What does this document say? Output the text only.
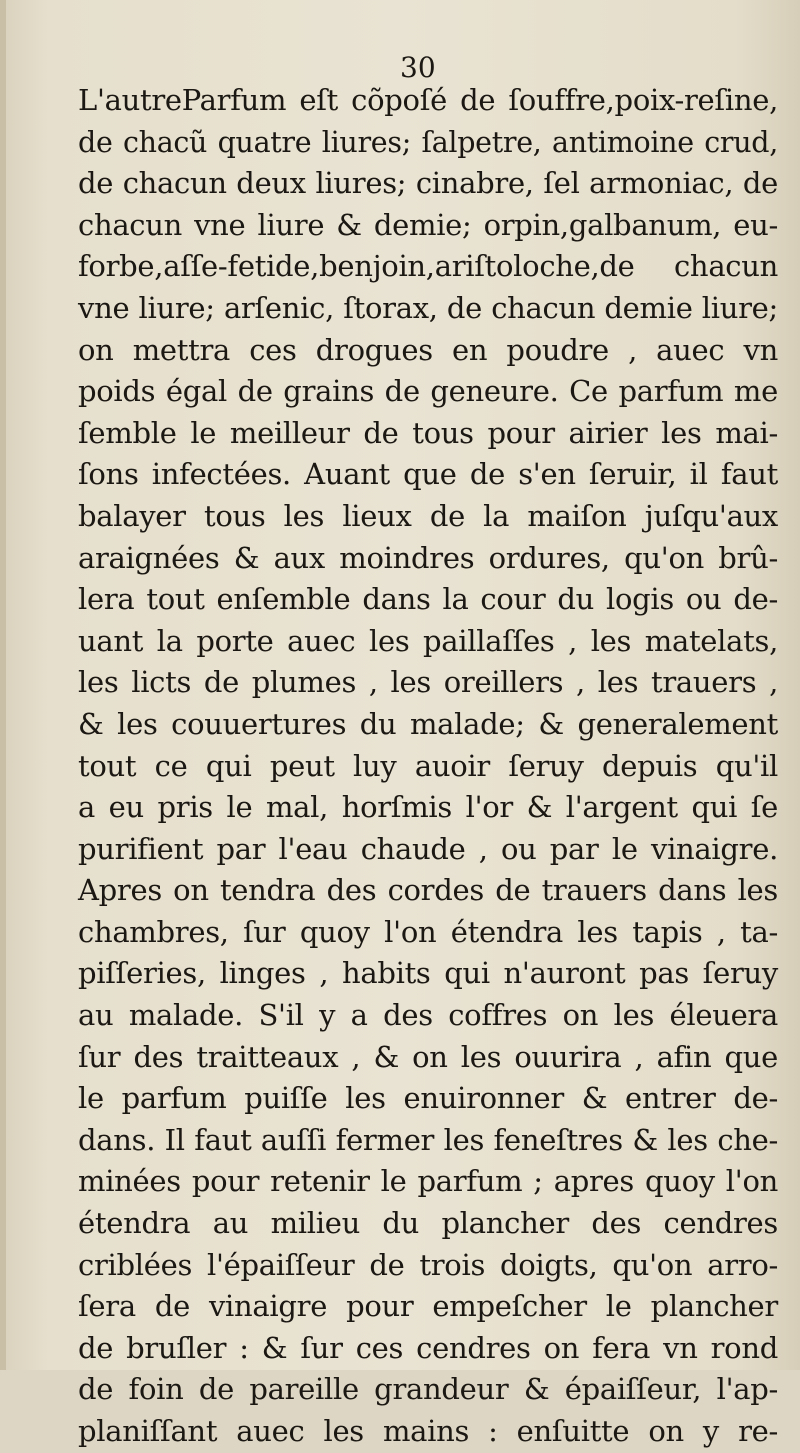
30
L'autreParfum eſt cõpoſé de ſouffre,poix-reſine,
de chacũ quatre liures; ſalpetre, antimoine crud,
de chacun deux liures; cinabre, ſel armoniac, de
chacun vne liure & demie; orpin,galbanum, eu-
forbe,aſſe-fetide,benjoin,ariſtoloche,de chacun
vne liure; arſenic, ſtorax, de chacun demie liure;
on mettra ces drogues en poudre , auec vn
poids égal de grains de geneure. Ce parfum me
ſemble le meilleur de tous pour airier les mai-
ſons infectées. Auant que de s'en ſeruir, il faut
balayer tous les lieux de la maiſon juſqu'aux
araignées & aux moindres ordures, qu'on brû-
lera tout enſemble dans la cour du logis ou de-
uant la porte auec les paillaſſes , les matelats,
les licts de plumes , les oreillers , les trauers ,
& les couuertures du malade; & generalement
tout ce qui peut luy auoir ſeruy depuis qu'il
a eu pris le mal, horſmis l'or & l'argent qui ſe
purifient par l'eau chaude , ou par le vinaigre.
Apres on tendra des cordes de trauers dans les
chambres, ſur quoy l'on étendra les tapis , ta-
piſſeries, linges , habits qui n'auront pas ſeruy
au malade. S'il y a des coffres on les éleuera
ſur des traitteaux , & on les ouurira , afin que
le parfum puiſſe les enuironner & entrer de-
dans. Il faut auſſi fermer les feneſtres & les che-
minées pour retenir le parfum ; apres quoy l'on
étendra au milieu du plancher des cendres
criblées l'épaiſſeur de trois doigts, qu'on arro-
ſera de vinaigre pour empeſcher le plancher
de bruſler : & ſur ces cendres on fera vn rond
de foin de pareille grandeur & épaiſſeur, l'ap-
planiſſant auec les mains : enſuitte on y re-
